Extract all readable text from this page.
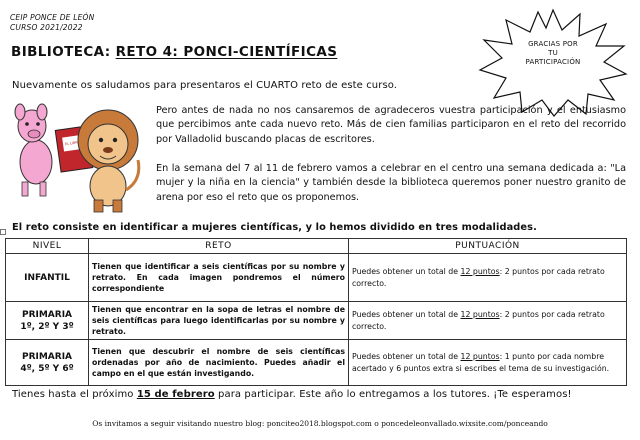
CEIP PONCE DE LEÓN
CURSO 2021/2022
BIBLIOTECA: RETO 4: PONCI-CIENTÍFICAS	GRACIAS POR
TU
PARTICIPACIÓN
Nuevamente os saludamos para presentaros el CUARTO reto de este curso.
EL LIBRO
Pero antes de nada no nos cansaremos de agradeceros vuestra participación y el entusiasmo que percibimos ante cada nuevo reto. Más de cien familias participaron en el reto del recorrido por Valladolid buscando placas de escritores.
En la semana del 7 al 11 de febrero vamos a celebrar en el centro una semana dedicada a: "La mujer y la niña en la ciencia" y también desde la biblioteca queremos poner nuestro granito de arena por eso el reto que os proponemos.
El reto consiste en identificar a mujeres científicas, y lo hemos dividido en tres modalidades.
NIVEL	RETO	PUNTUACIÓN

INFANTIL	Tienen que identificar a seis científicas por su nombre y retrato. En cada imagen pondremos el número correspondiente	Puedes obtener un total de 12 puntos: 2 puntos por cada retrato correcto.

PRIMARIA
1º, 2º Y 3º	Tienen que encontrar en la sopa de letras el nombre de seis científicas para luego identificarlas por su nombre y retrato.	Puedes obtener un total de 12 puntos: 2 puntos por cada retrato correcto.

PRIMARIA
4º, 5º Y 6º	Tienen que descubrir el nombre de seis científicas ordenadas por año de nacimiento. Puedes añadir el campo en el que están investigando.	Puedes obtener un total de 12 puntos: 1 punto por cada nombre acertado y 6 puntos extra si escribes el tema de su investigación.
Tienes hasta el próximo 15 de febrero para participar. Este año lo entregamos a los tutores. ¡Te esperamos!
Os invitamos a seguir visitando nuestro blog: ponciteo2018.blogspot.com o poncedeleonvallado.wixsite.com/ponceando
